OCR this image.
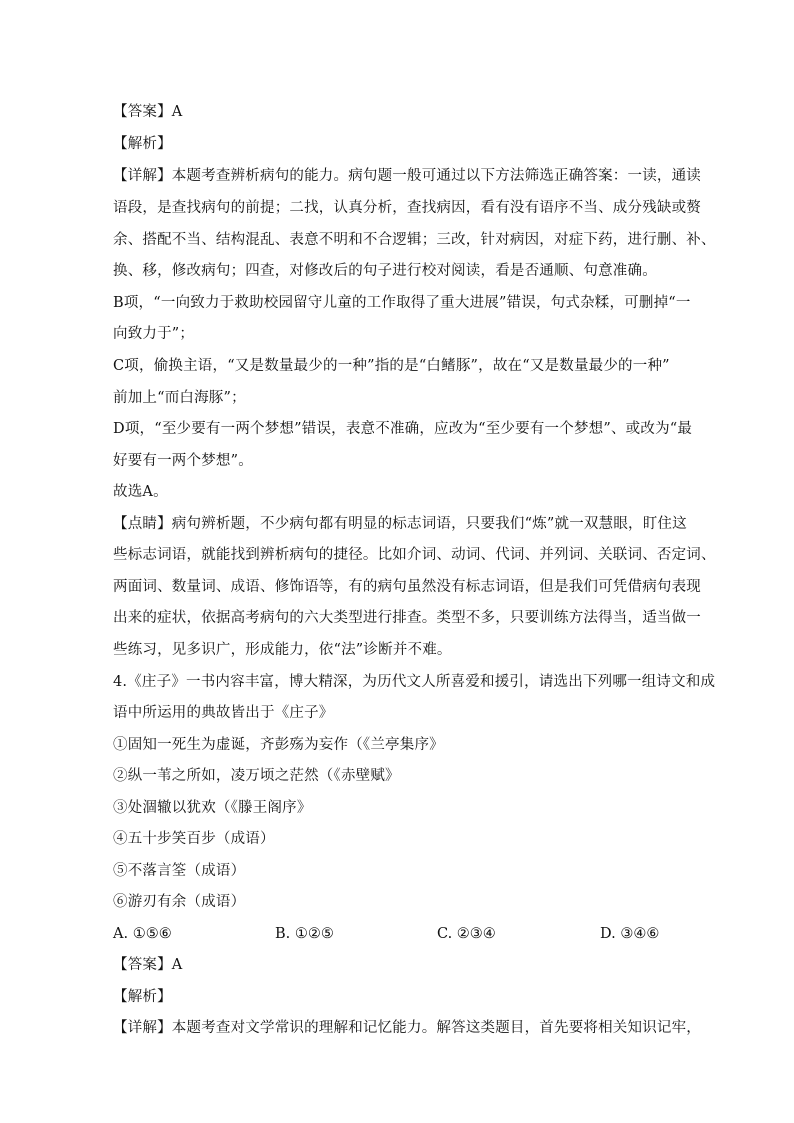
【答案】A
【解析】
【详解】本题考查辨析病句的能力。病句题一般可通过以下方法筛选正确答案：一读，通读
语段，是查找病句的前提；二找，认真分析，查找病因，看有没有语序不当、成分残缺或赘
余、搭配不当、结构混乱、表意不明和不合逻辑；三改，针对病因，对症下药，进行删、补、
换、移，修改病句；四查，对修改后的句子进行校对阅读，看是否通顺、句意准确。
B项，“一向致力于救助校园留守儿童的工作取得了重大进展”错误，句式杂糅，可删掉“一
向致力于”；
C项，偷换主语，“又是数量最少的一种”指的是“白鳍豚”，故在“又是数量最少的一种”
前加上“而白海豚”；
D项，“至少要有一两个梦想”错误，表意不准确，应改为“至少要有一个梦想”、或改为“最
好要有一两个梦想”。
故选A。
【点睛】病句辨析题，不少病句都有明显的标志词语，只要我们“炼”就一双慧眼，盯住这
些标志词语，就能找到辨析病句的捷径。比如介词、动词、代词、并列词、关联词、否定词、
两面词、数量词、成语、修饰语等，有的病句虽然没有标志词语，但是我们可凭借病句表现
出来的症状，依据高考病句的六大类型进行排查。类型不多，只要训练方法得当，适当做一
些练习，见多识广，形成能力，依“法”诊断并不难。
4.《庄子》一书内容丰富，博大精深，为历代文人所喜爱和援引，请选出下列哪一组诗文和成
语中所运用的典故皆出于《庄子》
①固知一死生为虚诞，齐彭殇为妄作（《兰亭集序》
②纵一苇之所如，凌万顷之茫然（《赤壁赋》
③处涸辙以犹欢（《滕王阁序》
④五十步笑百步（成语）
⑤不落言筌（成语）
⑥游刃有余（成语）
A. ①⑤⑥	B. ①②⑤	C. ②③④	D. ③④⑥
【答案】A
【解析】
【详解】本题考查对文学常识的理解和记忆能力。解答这类题目，首先要将相关知识记牢，
